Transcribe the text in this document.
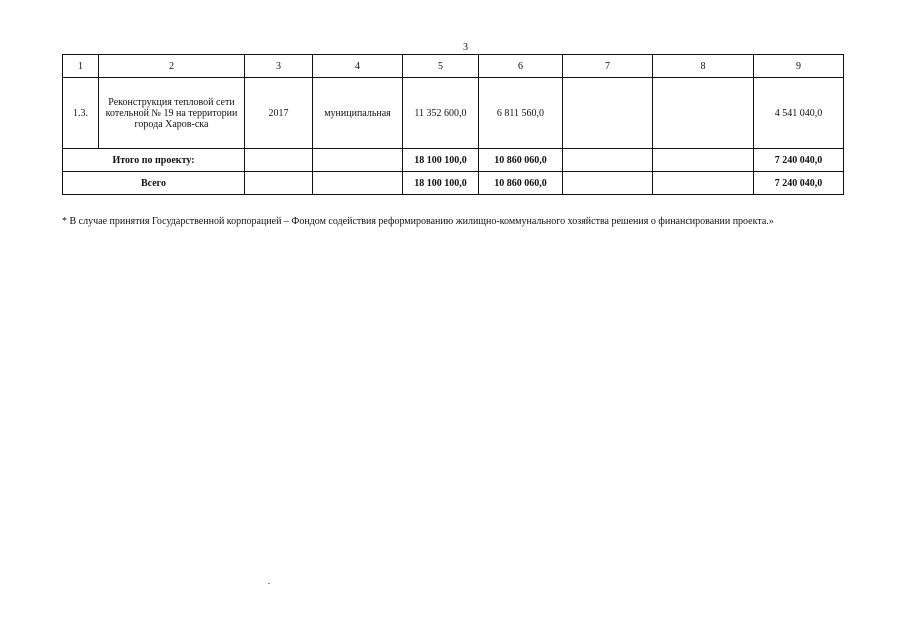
3
1	2	3	4	5	6	7	8	9
1.3.	Реконструкция тепловой сети котельной № 19 на территории города Харов-ска	2017	муниципальная	11 352 600,0	6 811 560,0			4 541 040,0
Итого по проекту:				18 100 100,0	10 860 060,0			7 240 040,0
Всего				18 100 100,0	10 860 060,0			7 240 040,0
* В случае принятия Государственной корпорацией – Фондом содействия реформированию жилищно-коммунального хозяйства решения о финансировании проекта.»
